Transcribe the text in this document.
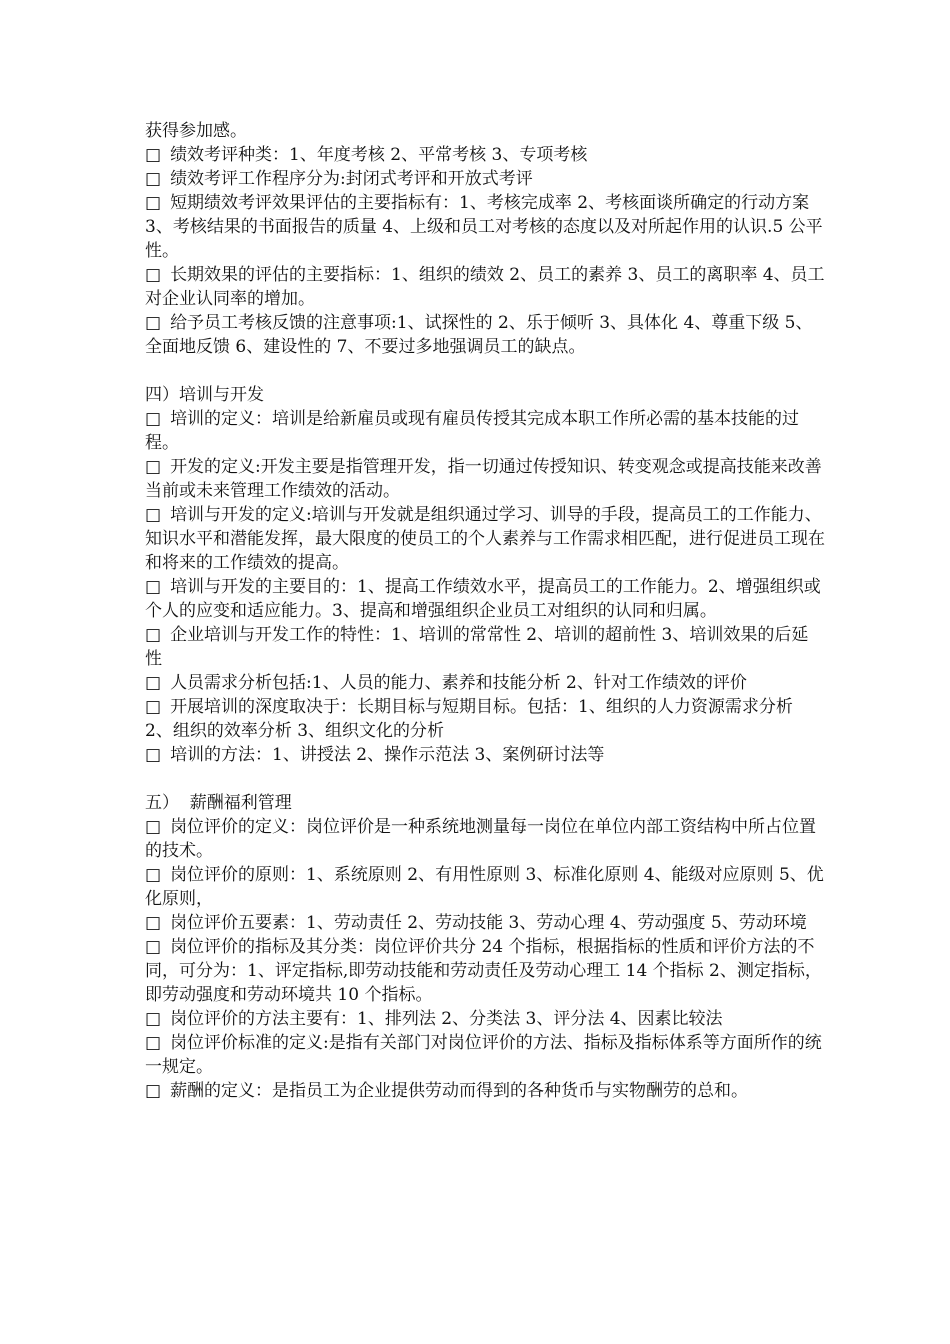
获得参加感。

□ 绩效考评种类：1、年度考核 2、平常考核 3、专项考核

□ 绩效考评工作程序分为:封闭式考评和开放式考评

□ 短期绩效考评效果评估的主要指标有：1、考核完成率 2、考核面谈所确定的行动方案 3、考核结果的书面报告的质量 4、上级和员工对考核的态度以及对所起作用的认识.5 公平性。

□ 长期效果的评估的主要指标：1、组织的绩效 2、员工的素养 3、员工的离职率 4、员工对企业认同率的增加。

□ 给予员工考核反馈的注意事项:1、试探性的 2、乐于倾听 3、具体化 4、尊重下级 5、全面地反馈 6、建设性的 7、不要过多地强调员工的缺点。

四）培训与开发

□ 培训的定义：培训是给新雇员或现有雇员传授其完成本职工作所必需的基本技能的过程。

□ 开发的定义:开发主要是指管理开发，指一切通过传授知识、转变观念或提高技能来改善当前或未来管理工作绩效的活动。

□ 培训与开发的定义:培训与开发就是组织通过学习、训导的手段，提高员工的工作能力、知识水平和潜能发挥，最大限度的使员工的个人素养与工作需求相匹配，进行促进员工现在和将来的工作绩效的提高。

□ 培训与开发的主要目的：1、提高工作绩效水平，提高员工的工作能力。2、增强组织或个人的应变和适应能力。3、提高和增强组织企业员工对组织的认同和归属。

□ 企业培训与开发工作的特性：1、培训的常常性 2、培训的超前性 3、培训效果的后延性

□ 人员需求分析包括:1、人员的能力、素养和技能分析 2、针对工作绩效的评价

□ 开展培训的深度取决于：长期目标与短期目标。包括：1、组织的人力资源需求分析 2、组织的效率分析 3、组织文化的分析

□ 培训的方法：1、讲授法 2、操作示范法 3、案例研讨法等

五）  薪酬福利管理

□ 岗位评价的定义：岗位评价是一种系统地测量每一岗位在单位内部工资结构中所占位置的技术。

□ 岗位评价的原则：1、系统原则 2、有用性原则 3、标准化原则 4、能级对应原则 5、优化原则，

□ 岗位评价五要素：1、劳动责任 2、劳动技能 3、劳动心理 4、劳动强度 5、劳动环境

□ 岗位评价的指标及其分类：岗位评价共分 24 个指标，根据指标的性质和评价方法的不同，可分为：1、评定指标,即劳动技能和劳动责任及劳动心理工 14 个指标 2、测定指标，即劳动强度和劳动环境共 10 个指标。

□ 岗位评价的方法主要有：1、排列法 2、分类法 3、评分法 4、因素比较法

□ 岗位评价标准的定义:是指有关部门对岗位评价的方法、指标及指标体系等方面所作的统一规定。

□ 薪酬的定义：是指员工为企业提供劳动而得到的各种货币与实物酬劳的总和。
